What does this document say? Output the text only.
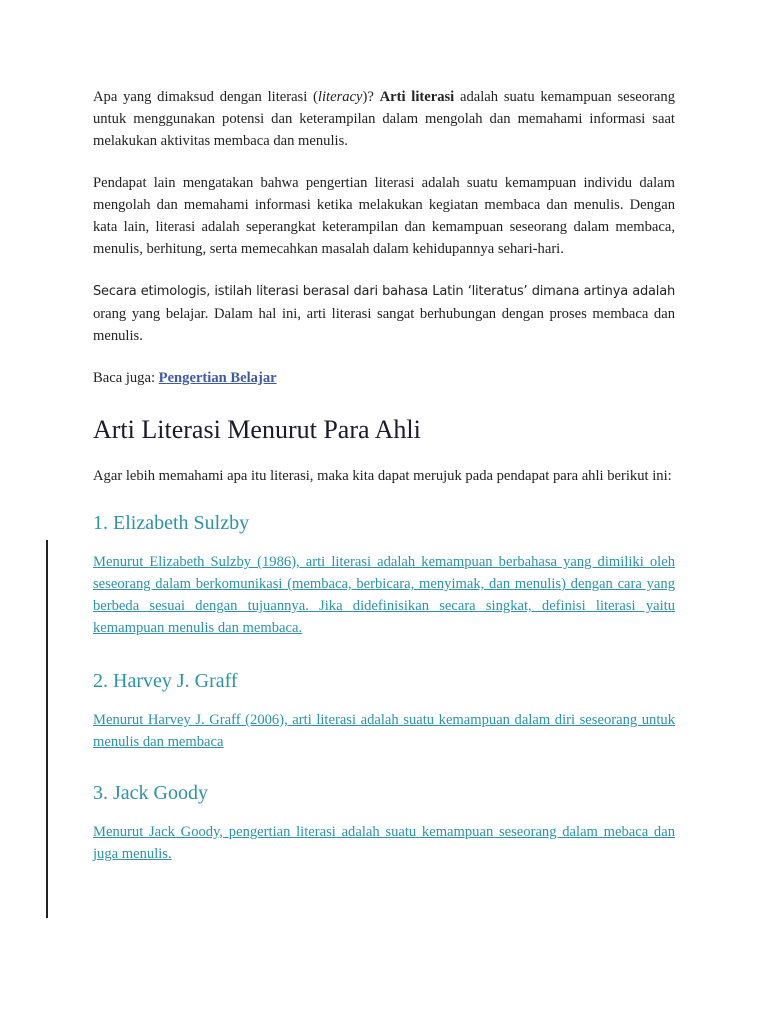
Apa yang dimaksud dengan literasi (literacy)? Arti literasi adalah suatu kemampuan seseorang untuk menggunakan potensi dan keterampilan dalam mengolah dan memahami informasi saat melakukan aktivitas membaca dan menulis.

Pendapat lain mengatakan bahwa pengertian literasi adalah suatu kemampuan individu dalam mengolah dan memahami informasi ketika melakukan kegiatan membaca dan menulis. Dengan kata lain, literasi adalah seperangkat keterampilan dan kemampuan seseorang dalam membaca, menulis, berhitung, serta memecahkan masalah dalam kehidupannya sehari-hari.

Secara etimologis, istilah literasi berasal dari bahasa Latin ‘literatus’ dimana artinya adalah orang yang belajar. Dalam hal ini, arti literasi sangat berhubungan dengan proses membaca dan menulis.

Baca juga: Pengertian Belajar

Arti Literasi Menurut Para Ahli

Agar lebih memahami apa itu literasi, maka kita dapat merujuk pada pendapat para ahli berikut ini:

1. Elizabeth Sulzby

Menurut Elizabeth Sulzby (1986), arti literasi adalah kemampuan berbahasa yang dimiliki oleh seseorang dalam berkomunikasi (membaca, berbicara, menyimak, dan menulis) dengan cara yang berbeda sesuai dengan tujuannya. Jika didefinisikan secara singkat, definisi literasi yaitu kemampuan menulis dan membaca.

2. Harvey J. Graff

Menurut Harvey J. Graff (2006), arti literasi adalah suatu kemampuan dalam diri seseorang untuk menulis dan membaca

3. Jack Goody

Menurut Jack Goody, pengertian literasi adalah suatu kemampuan seseorang dalam mebaca dan juga menulis.
